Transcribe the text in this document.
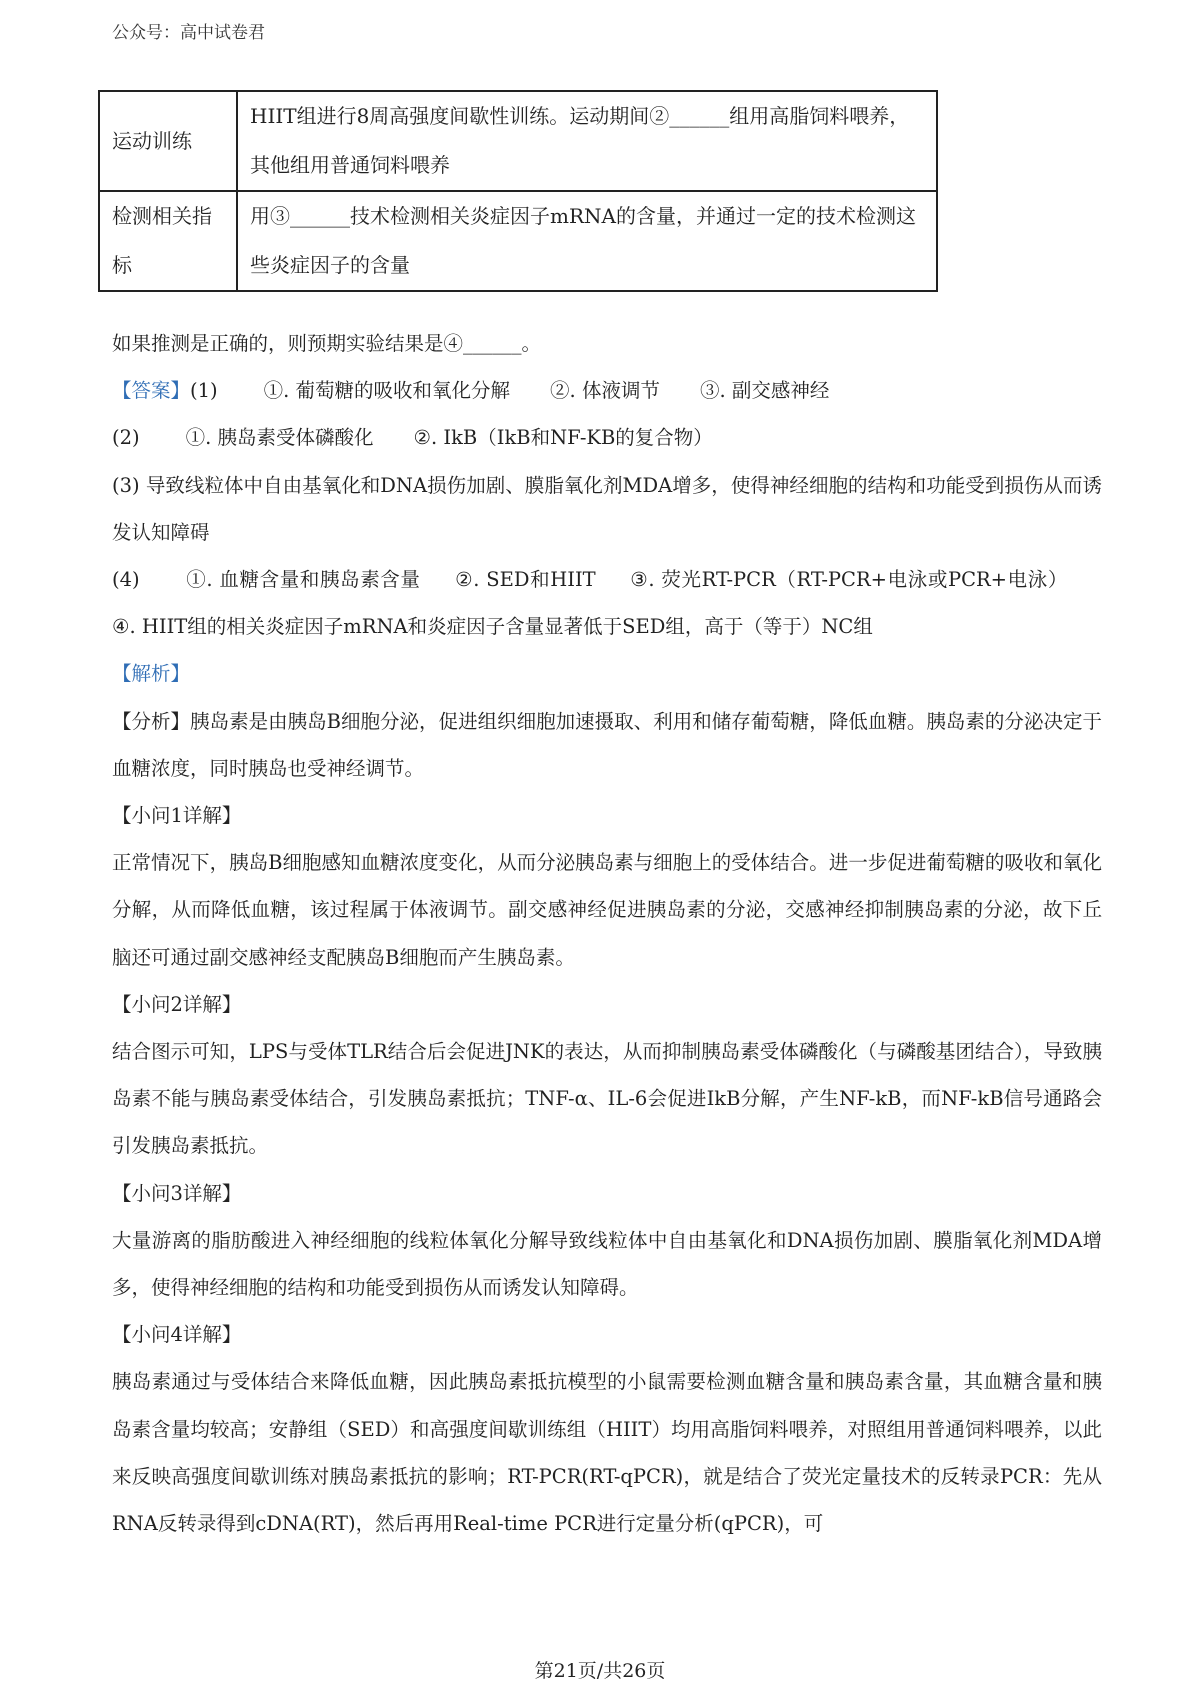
公众号：高中试卷君
运动训练	HIIT组进行8周高强度间歇性训练。运动期间②______组用高脂饲料喂养，其他组用普通饲料喂养
检测相关指标	用③______技术检测相关炎症因子mRNA的含量，并通过一定的技术检测这些炎症因子的含量

如果推测是正确的，则预期实验结果是④______。

【答案】(1) ①. 葡萄糖的吸收和氧化分解 ②. 体液调节 ③. 副交感神经

(2) ①. 胰岛素受体磷酸化 ②. IkB（IkB和NF-KB的复合物）

(3) 导致线粒体中自由基氧化和DNA损伤加剧、膜脂氧化剂MDA增多，使得神经细胞的结构和功能受到损伤从而诱发认知障碍

(4) ①. 血糖含量和胰岛素含量 ②. SED和HIIT ③. 荧光RT-PCR（RT-PCR+电泳或PCR+电泳）④. HIIT组的相关炎症因子mRNA和炎症因子含量显著低于SED组，高于（等于）NC组

【解析】

【分析】胰岛素是由胰岛B细胞分泌，促进组织细胞加速摄取、利用和储存葡萄糖，降低血糖。胰岛素的分泌决定于血糖浓度，同时胰岛也受神经调节。

【小问1详解】

正常情况下，胰岛B细胞感知血糖浓度变化，从而分泌胰岛素与细胞上的受体结合。进一步促进葡萄糖的吸收和氧化分解，从而降低血糖，该过程属于体液调节。副交感神经促进胰岛素的分泌，交感神经抑制胰岛素的分泌，故下丘脑还可通过副交感神经支配胰岛B细胞而产生胰岛素。

【小问2详解】

结合图示可知，LPS与受体TLR结合后会促进JNK的表达，从而抑制胰岛素受体磷酸化（与磷酸基团结合），导致胰岛素不能与胰岛素受体结合，引发胰岛素抵抗；TNF-α、IL-6会促进IkB分解，产生NF-kB，而NF-kB信号通路会引发胰岛素抵抗。

【小问3详解】

大量游离的脂肪酸进入神经细胞的线粒体氧化分解导致线粒体中自由基氧化和DNA损伤加剧、膜脂氧化剂MDA增多，使得神经细胞的结构和功能受到损伤从而诱发认知障碍。

【小问4详解】

胰岛素通过与受体结合来降低血糖，因此胰岛素抵抗模型的小鼠需要检测血糖含量和胰岛素含量，其血糖含量和胰岛素含量均较高；安静组（SED）和高强度间歇训练组（HIIT）均用高脂饲料喂养，对照组用普通饲料喂养，以此来反映高强度间歇训练对胰岛素抵抗的影响；RT-PCR(RT-qPCR)，就是结合了荧光定量技术的反转录PCR：先从RNA反转录得到cDNA(RT)，然后再用Real-time PCR进行定量分析(qPCR)，可

第21页/共26页
